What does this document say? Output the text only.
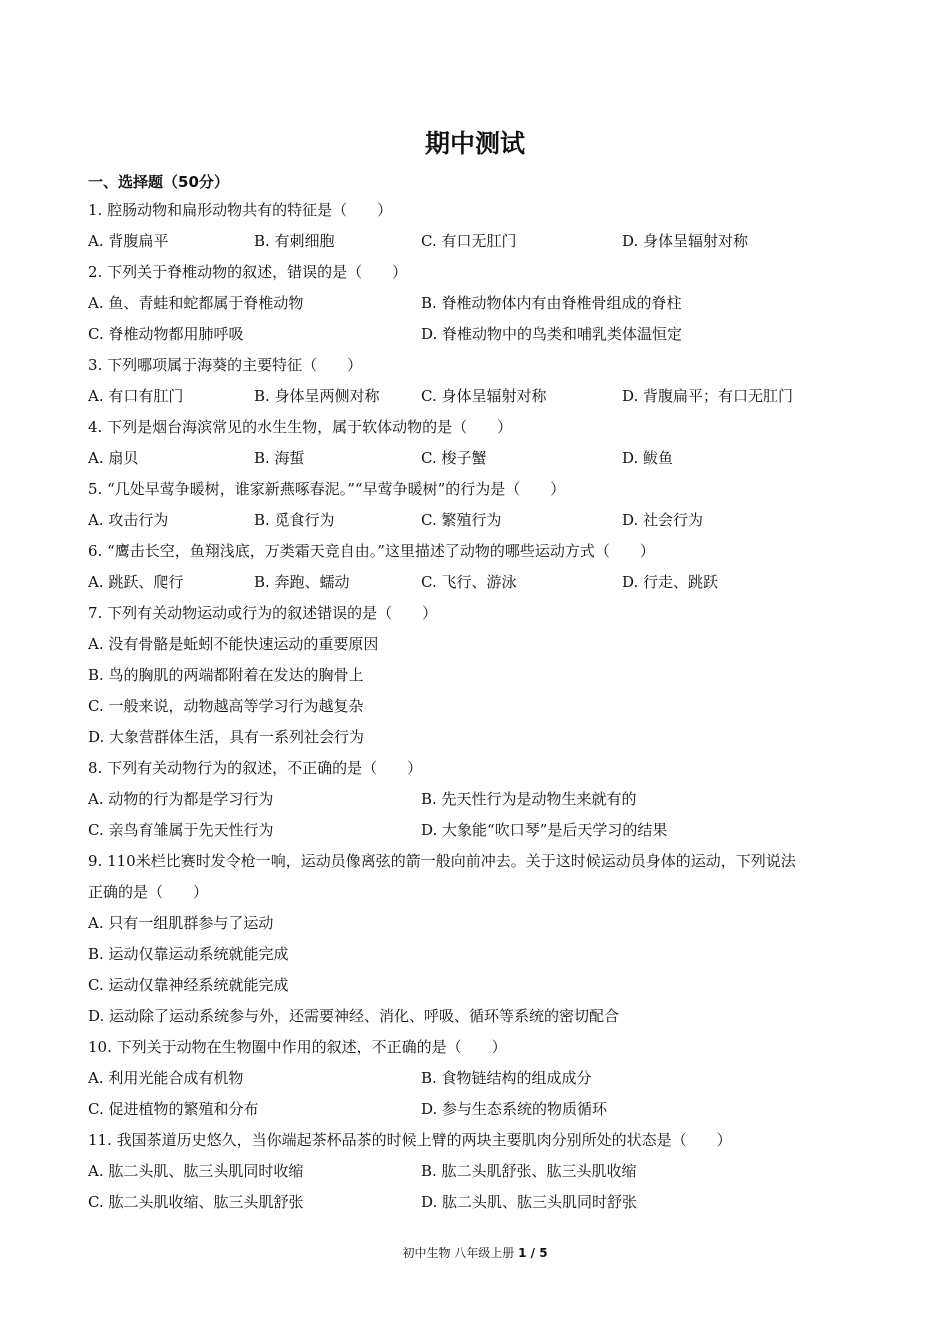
期中测试
一、选择题（50分）
1. 腔肠动物和扁形动物共有的特征是（　　）
A. 背腹扁平	B. 有刺细胞	C. 有口无肛门	D. 身体呈辐射对称
2. 下列关于脊椎动物的叙述，错误的是（　　）
A. 鱼、青蛙和蛇都属于脊椎动物	B. 脊椎动物体内有由脊椎骨组成的脊柱
C. 脊椎动物都用肺呼吸	D. 脊椎动物中的鸟类和哺乳类体温恒定
3. 下列哪项属于海葵的主要特征（　　）
A. 有口有肛门	B. 身体呈两侧对称	C. 身体呈辐射对称	D. 背腹扁平；有口无肛门
4. 下列是烟台海滨常见的水生生物，属于软体动物的是（　　）
A. 扇贝	B. 海蜇	C. 梭子蟹	D. 鲅鱼
5. “几处早莺争暖树，谁家新燕啄春泥。”“早莺争暖树”的行为是（　　）
A. 攻击行为	B. 觅食行为	C. 繁殖行为	D. 社会行为
6. “鹰击长空，鱼翔浅底，万类霜天竞自由。”这里描述了动物的哪些运动方式（　　）
A. 跳跃、爬行	B. 奔跑、蠕动	C. 飞行、游泳	D. 行走、跳跃
7. 下列有关动物运动或行为的叙述错误的是（　　）
A. 没有骨骼是蚯蚓不能快速运动的重要原因
B. 鸟的胸肌的两端都附着在发达的胸骨上
C. 一般来说，动物越高等学习行为越复杂
D. 大象营群体生活，具有一系列社会行为
8. 下列有关动物行为的叙述，不正确的是（　　）
A. 动物的行为都是学习行为	B. 先天性行为是动物生来就有的
C. 亲鸟育雏属于先天性行为	D. 大象能“吹口琴”是后天学习的结果
9. 110米栏比赛时发令枪一响，运动员像离弦的箭一般向前冲去。关于这时候运动员身体的运动，下列说法
正确的是（　　）
A. 只有一组肌群参与了运动
B. 运动仅靠运动系统就能完成
C. 运动仅靠神经系统就能完成
D. 运动除了运动系统参与外，还需要神经、消化、呼吸、循环等系统的密切配合
10. 下列关于动物在生物圈中作用的叙述，不正确的是（　　）
A. 利用光能合成有机物	B. 食物链结构的组成成分
C. 促进植物的繁殖和分布	D. 参与生态系统的物质循环
11. 我国茶道历史悠久，当你端起茶杯品茶的时候上臂的两块主要肌肉分别所处的状态是（　　）
A. 肱二头肌、肱三头肌同时收缩	B. 肱二头肌舒张、肱三头肌收缩
C. 肱二头肌收缩、肱三头肌舒张	D. 肱二头肌、肱三头肌同时舒张
初中生物 八年级上册 1 / 5
